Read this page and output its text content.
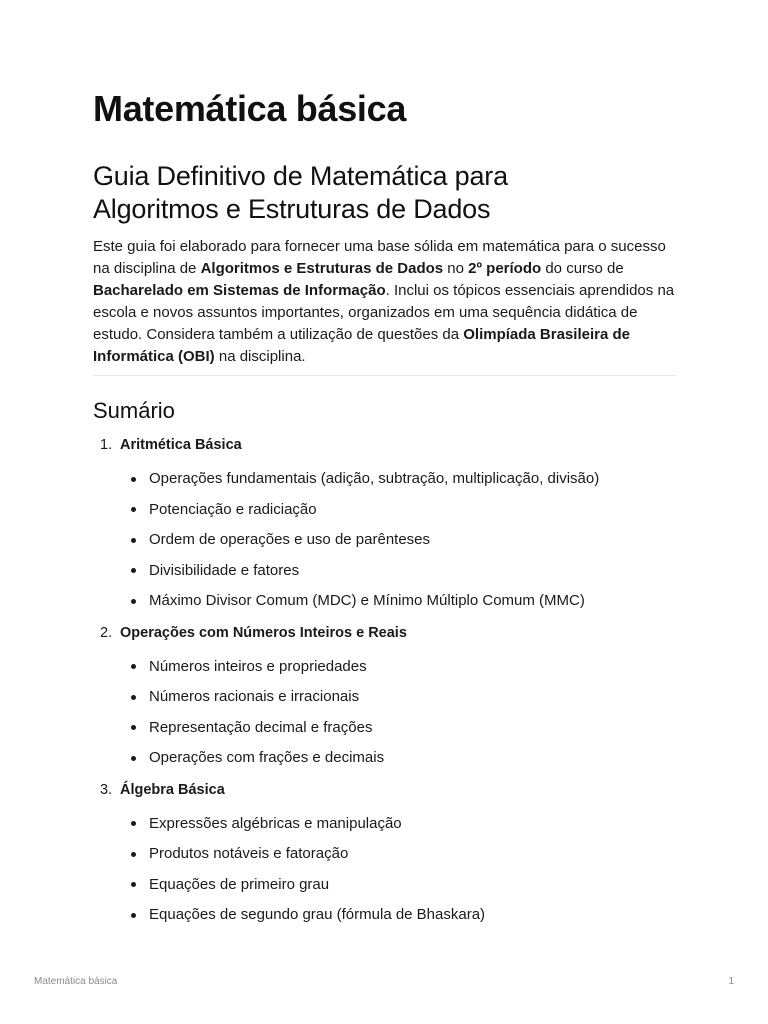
Matemática básica
Guia Definitivo de Matemática para
Algoritmos e Estruturas de Dados

Este guia foi elaborado para fornecer uma base sólida em matemática para o sucesso na disciplina de Algoritmos e Estruturas de Dados no 2º período do curso de Bacharelado em Sistemas de Informação. Inclui os tópicos essenciais aprendidos na escola e novos assuntos importantes, organizados em uma sequência didática de estudo. Considera também a utilização de questões da Olimpíada Brasileira de Informática (OBI) na disciplina.

Sumário
1. Aritmética Básica
Operações fundamentais (adição, subtração, multiplicação, divisão)
Potenciação e radiciação
Ordem de operações e uso de parênteses
Divisibilidade e fatores
Máximo Divisor Comum (MDC) e Mínimo Múltiplo Comum (MMC)
2. Operações com Números Inteiros e Reais
Números inteiros e propriedades
Números racionais e irracionais
Representação decimal e frações
Operações com frações e decimais
3. Álgebra Básica
Expressões algébricas e manipulação
Produtos notáveis e fatoração
Equações de primeiro grau
Equações de segundo grau (fórmula de Bhaskara)
Matemática básica	1
